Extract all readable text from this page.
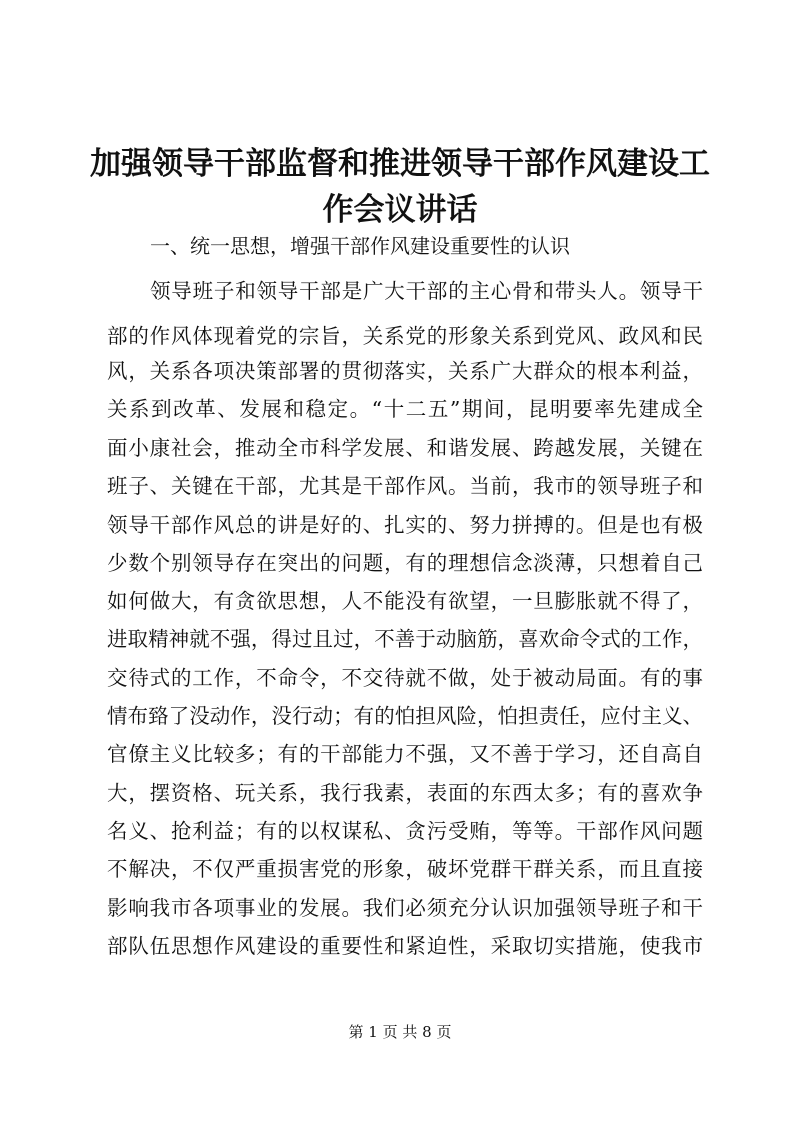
加强领导干部监督和推进领导干部作风建设工
作会议讲话
一、统一思想，增强干部作风建设重要性的认识
领导班子和领导干部是广大干部的主心骨和带头人。领导干
部的作风体现着党的宗旨，关系党的形象关系到党风、政风和民
风，关系各项决策部署的贯彻落实，关系广大群众的根本利益，
关系到改革、发展和稳定。“十二五”期间，昆明要率先建成全
面小康社会，推动全市科学发展、和谐发展、跨越发展，关键在
班子、关键在干部，尤其是干部作风。当前，我市的领导班子和
领导干部作风总的讲是好的、扎实的、努力拼搏的。但是也有极
少数个别领导存在突出的问题，有的理想信念淡薄，只想着自己
如何做大，有贪欲思想，人不能没有欲望，一旦膨胀就不得了，
进取精神就不强，得过且过，不善于动脑筋，喜欢命令式的工作，
交待式的工作，不命令，不交待就不做，处于被动局面。有的事
情布臵了没动作，没行动；有的怕担风险，怕担责任，应付主义、
官僚主义比较多；有的干部能力不强，又不善于学习，还自高自
大，摆资格、玩关系，我行我素，表面的东西太多；有的喜欢争
名义、抢利益；有的以权谋私、贪污受贿，等等。干部作风问题
不解决，不仅严重损害党的形象，破坏党群干群关系，而且直接
影响我市各项事业的发展。我们必须充分认识加强领导班子和干
部队伍思想作风建设的重要性和紧迫性，采取切实措施，使我市
第 1 页 共 8 页
